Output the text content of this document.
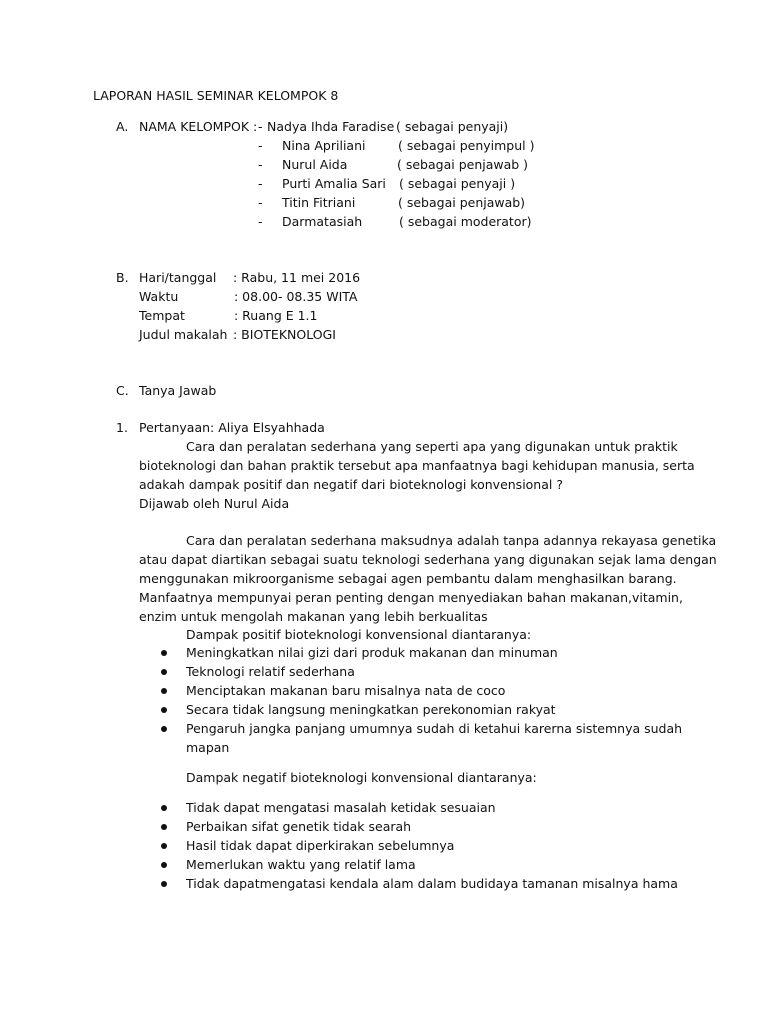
LAPORAN HASIL SEMINAR KELOMPOK 8
A. NAMA KELOMPOK : - Nadya Ihda Faradise ( sebagai penyaji)
- Nina Apriliani	( sebagai penyimpul )
- Nurul Aida	( sebagai penjawab )
- Purti Amalia Sari ( sebagai penyaji )
- Titin Fitriani	( sebagai penjawab)
- Darmatasiah	( sebagai moderator)
B. Hari/tanggal : Rabu, 11 mei 2016
Waktu	: 08.00- 08.35 WITA
Tempat	: Ruang E 1.1
Judul makalah : BIOTEKNOLOGI
C. Tanya Jawab
1. Pertanyaan: Aliya Elsyahhada
Cara dan peralatan sederhana yang seperti apa yang digunakan untuk praktik
bioteknologi dan bahan praktik tersebut apa manfaatnya bagi kehidupan manusia, serta
adakah dampak positif dan negatif dari bioteknologi konvensional ?
Dijawab oleh Nurul Aida
Cara dan peralatan sederhana maksudnya adalah tanpa adannya rekayasa genetika
atau dapat diartikan sebagai suatu teknologi sederhana yang digunakan sejak lama dengan
menggunakan mikroorganisme sebagai agen pembantu dalam menghasilkan barang.
Manfaatnya mempunyai peran penting dengan menyediakan bahan makanan,vitamin,
enzim untuk mengolah makanan yang lebih berkualitas
Dampak positif bioteknologi konvensional diantaranya:
Meningkatkan nilai gizi dari produk makanan dan minuman
Teknologi relatif sederhana
Menciptakan makanan baru misalnya nata de coco
Secara tidak langsung meningkatkan perekonomian rakyat
Pengaruh jangka panjang umumnya sudah di ketahui karerna sistemnya sudah
mapan
Dampak negatif bioteknologi konvensional diantaranya:
Tidak dapat mengatasi masalah ketidak sesuaian
Perbaikan sifat genetik tidak searah
Hasil tidak dapat diperkirakan sebelumnya
Memerlukan waktu yang relatif lama
Tidak dapatmengatasi kendala alam dalam budidaya tamanan misalnya hama
